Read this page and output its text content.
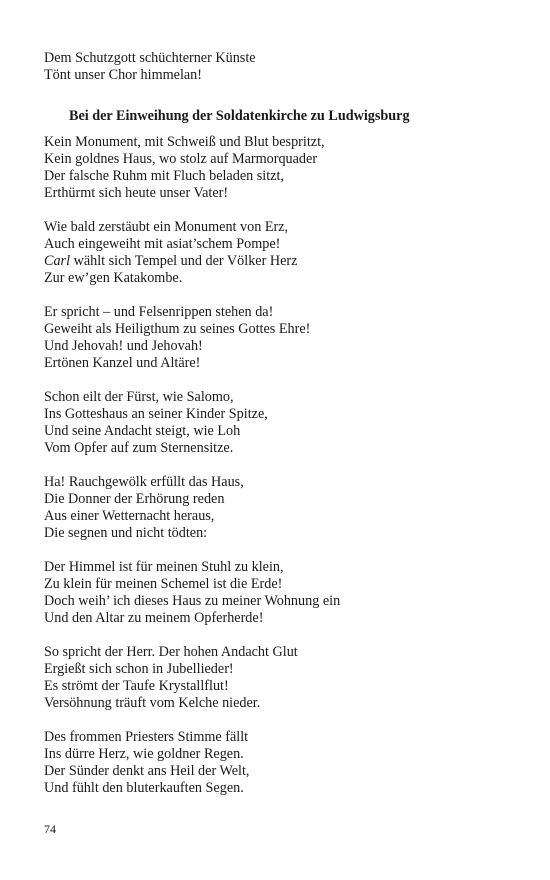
Dem Schutzgott schüchterner Künste
Tönt unser Chor himmelan!
Bei der Einweihung der Soldatenkirche zu Ludwigsburg
Kein Monument, mit Schweiß und Blut bespritzt,
Kein goldnes Haus, wo stolz auf Marmorquader
Der falsche Ruhm mit Fluch beladen sitzt,
Erthürmt sich heute unser Vater!
Wie bald zerstäubt ein Monument von Erz,
Auch eingeweiht mit asiat’schem Pompe!
Carl wählt sich Tempel und der Völker Herz
Zur ew’gen Katakombe.
Er spricht – und Felsenrippen stehen da!
Geweiht als Heiligthum zu seines Gottes Ehre!
Und Jehovah! und Jehovah!
Ertönen Kanzel und Altäre!
Schon eilt der Fürst, wie Salomo,
Ins Gotteshaus an seiner Kinder Spitze,
Und seine Andacht steigt, wie Loh
Vom Opfer auf zum Sternensitze.
Ha! Rauchgewölk erfüllt das Haus,
Die Donner der Erhörung reden
Aus einer Wetternacht heraus,
Die segnen und nicht tödten:
Der Himmel ist für meinen Stuhl zu klein,
Zu klein für meinen Schemel ist die Erde!
Doch weih’ ich dieses Haus zu meiner Wohnung ein
Und den Altar zu meinem Opferherde!
So spricht der Herr. Der hohen Andacht Glut
Ergießt sich schon in Jubellieder!
Es strömt der Taufe Krystallflut!
Versöhnung träuft vom Kelche nieder.
Des frommen Priesters Stimme fällt
Ins dürre Herz, wie goldner Regen.
Der Sünder denkt ans Heil der Welt,
Und fühlt den bluterkauften Segen.
74
